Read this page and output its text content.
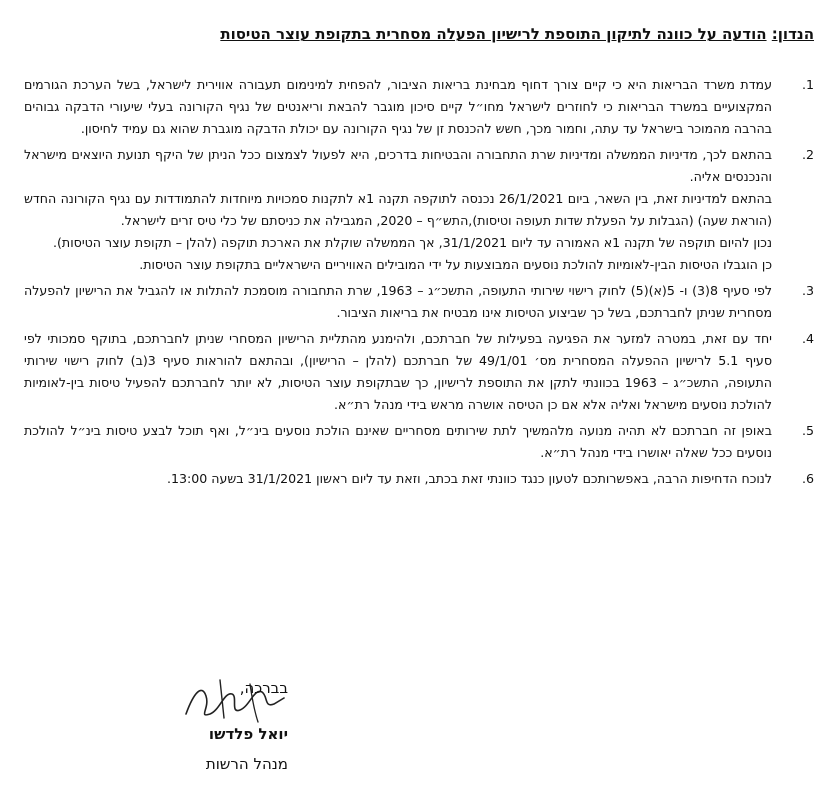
הנדון: הודעה על כוונה לתיקון התוספת לרישיון הפעלה מסחרית בתקופת עוצר הטיסות
.1

עמדת משרד הבריאות היא כי קיים צורך דחוף מבחינת בריאות הציבור, להפחית למינימום תעבורה אווירית לישראל, בשל הערכת הגורמים המקצועיים במשרד הבריאות כי לחוזרים לישראל מחו״ל קיים סיכון מוגבר להבאת וריאנטים של נגיף הקורונה בעלי שיעורי הדבקה גבוהים בהרבה מהמוכר בישראל עד עתה, וחמור מכך, חשש להכנסת זן של נגיף הקורונה עם יכולת הדבקה מוגברת שהוא גם עמיד לחיסון.

.2

בהתאם לכך, מדיניות הממשלה ומדיניות שרת התחבורה והבטיחות בדרכים, היא לפעול לצמצום ככל הניתן של היקף תנועת היוצאים מישראל והנכנסים אליה.

בהתאם למדיניות זאת, בין השאר, ביום 26/1/2021 נכנסה לתוקפה תקנה 1א לתקנות סמכויות מיוחדות להתמודדות עם נגיף הקורונה החדש (הוראת שעה) (הגבלות על הפעלת שדות תעופה וטיסות),התש״ף – 2020, המגבילה את כניסתם של כלי טיס זרים לישראל.

נכון להיום תוקפה של תקנה 1א האמורה עד ליום 31/1/2021, אך הממשלה שוקלת את הארכת תוקפה (להלן – תקופת עוצר הטיסות).

כן הוגבלו הטיסות הבין-לאומיות להולכת נוסעים המבוצעות על ידי המובילים האוויריים הישראליים בתקופת עוצר הטיסות.

.3

לפי סעיף 8(3) ו- 5(א)(5) לחוק רישוי שירותי התעופה, התשכ״ג – 1963, שרת התחבורה מוסמכת להתלות או להגביל את הרישיון להפעלה מסחרית שניתן לחברתכם, בשל כך שביצוע הטיסות אינו מבטיח את בריאות הציבור.

.4

יחד עם זאת, במטרה למזער את הפגיעה בפעילות של חברתכם, ולהימנע מהתליית הרישיון המסחרי שניתן לחברתכם, בתוקף סמכותי לפי סעיף 5.1 לרישיון ההפעלה המסחרית מס׳ 49/1/01 של חברתכם (להלן – הרישיון), ובהתאם להוראות סעיף 3(ב) לחוק רישוי שירותי התעופה, התשכ״ג – 1963 בכוונתי לתקן את התוספת לרישיון, כך שבתקופת עוצר הטיסות, לא יותר לחברתכם להפעיל טיסות בין-לאומיות להולכת נוסעים מישראל ואליה אלא אם כן הטיסה אושרה מראש בידי מנהל רת״א.

.5

באופן זה חברתכם לא תהיה מנועה מלהמשיך לתת שירותים מסחריים שאינם הולכת נוסעים בינ״ל, ואף תוכל לבצע טיסות בינ״ל להולכת נוסעים ככל שאלה יאושרו בידי מנהל רת״א.

.6

לנוכח הדחיפות הרבה, באפשרותכם לטעון כנגד כוונתי זאת בכתב, וזאת עד ליום ראשון 31/1/2021 בשעה 13:00.

בברכה,
יואל פלדשו
מנהל הרשות
